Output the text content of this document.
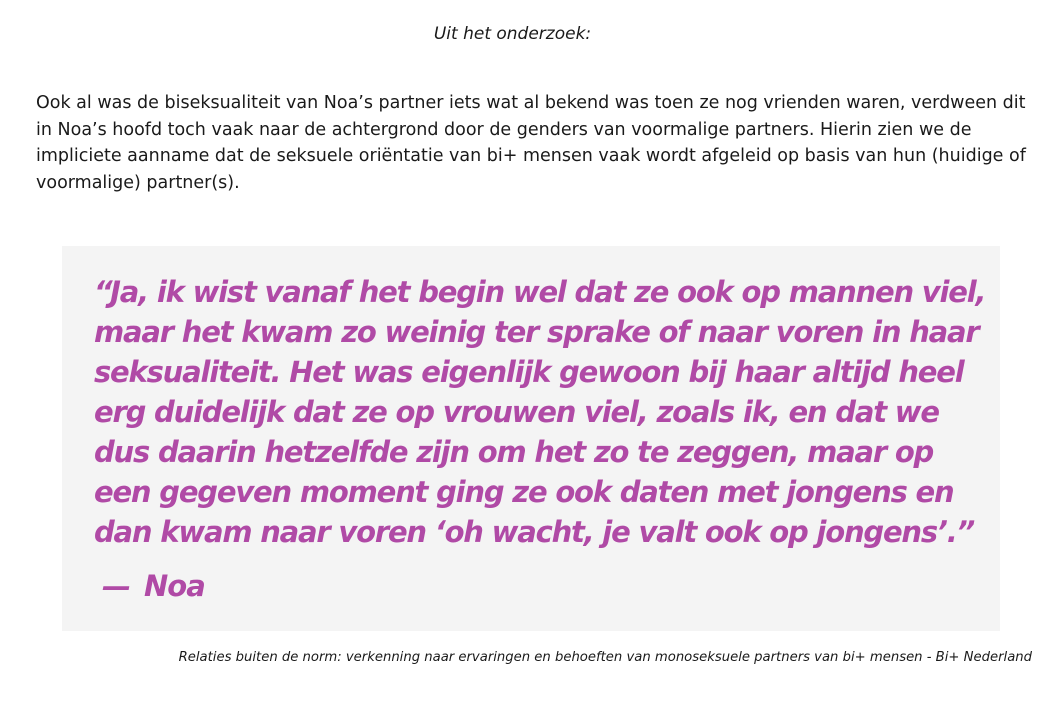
Uit het onderzoek:

Ook al was de biseksualiteit van Noa’s partner iets wat al bekend was toen ze nog vrienden waren, verdween dit in Noa’s hoofd toch vaak naar de achtergrond door de genders van voormalige partners. Hierin zien we de impliciete aanname dat de seksuele oriëntatie van bi+ mensen vaak wordt afgeleid op basis van hun (huidige of voormalige) partner(s).

“Ja, ik wist vanaf het begin wel dat ze ook op mannen viel, maar het kwam zo weinig ter sprake of naar voren in haar seksualiteit. Het was eigenlijk gewoon bij haar altijd heel erg duidelijk dat ze op vrouwen viel, zoals ik, en dat we dus daarin hetzelfde zijn om het zo te zeggen, maar op een gegeven moment ging ze ook daten met jongens en dan kwam naar voren ‘oh wacht, je valt ook op jongens’.”

— Noa
Relaties buiten de norm: verkenning naar ervaringen en behoeften van monoseksuele partners van bi+ mensen - Bi+ Nederland
